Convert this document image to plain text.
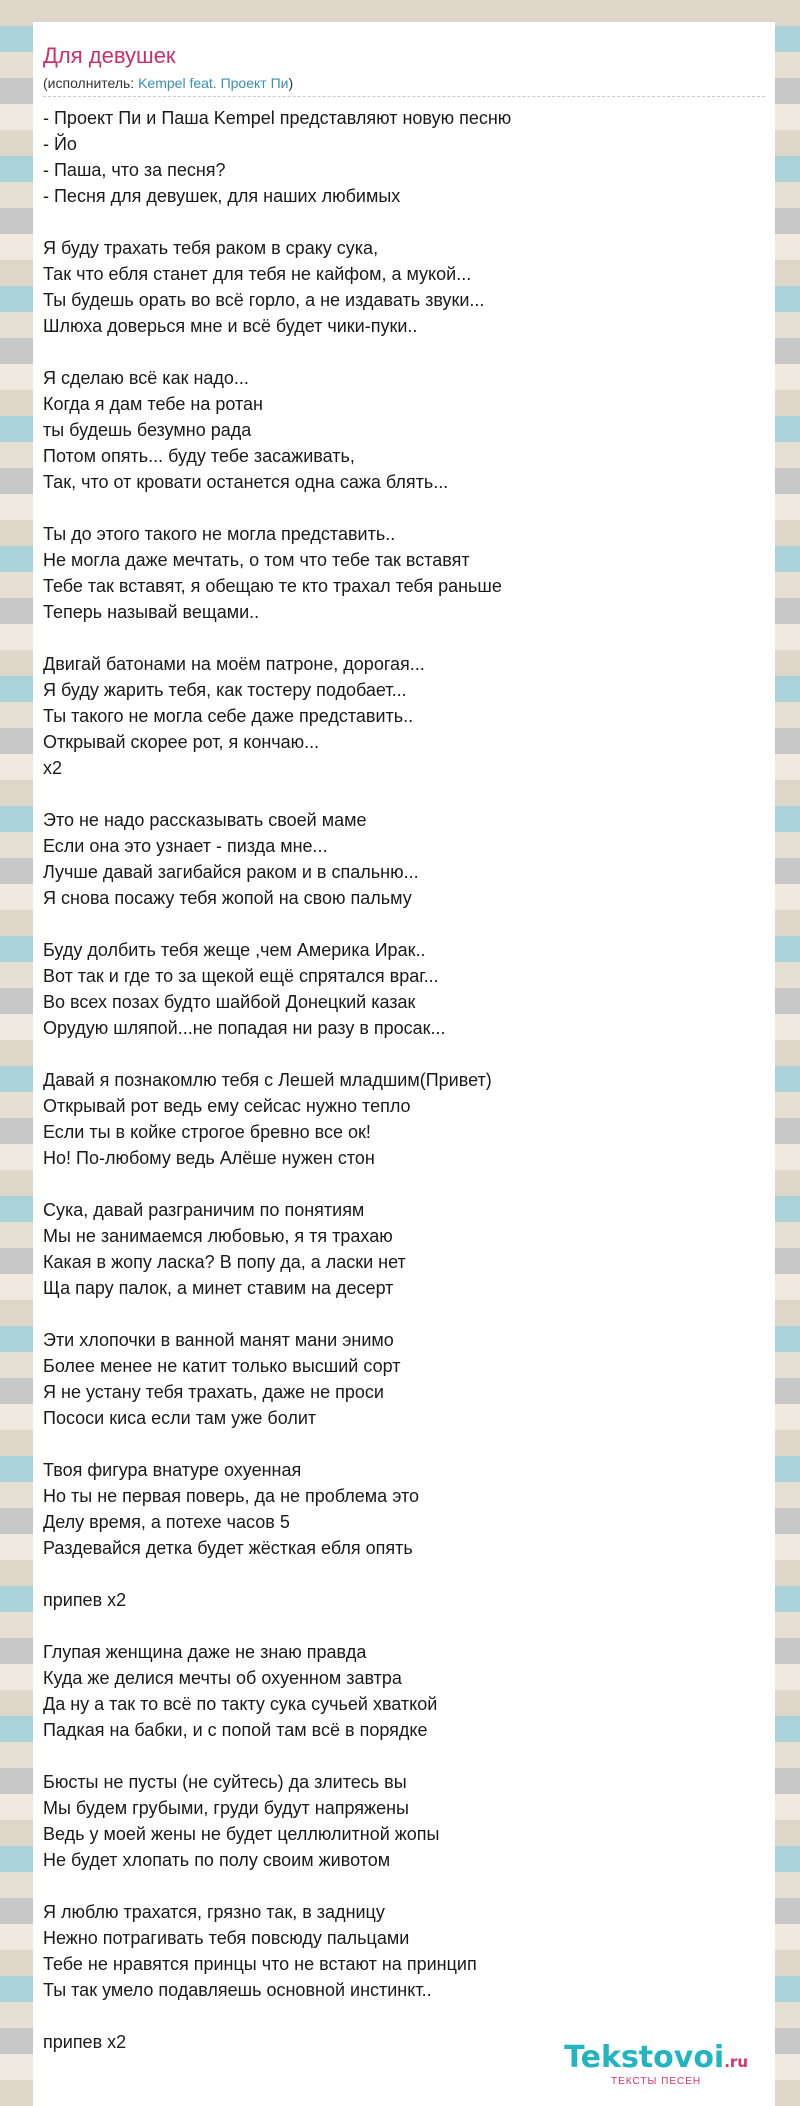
Для девушек
(исполнитель: Kempel feat. Проект Пи)
- Проект Пи и Паша Kempel представляют новую песню
- Йо
- Паша, что за песня?
- Песня для девушек, для наших любимых
Я буду трахать тебя раком в сраку сука,
Так что ебля станет для тебя не кайфом, а мукой...
Ты будешь орать во всё горло, а не издавать звуки...
Шлюха доверься мне и всё будет чики-пуки..
Я сделаю всё как надо...
Когда я дам тебе на ротан
ты будешь безумно рада
Потом опять... буду тебе засаживать,
Так, что от кровати останется одна сажа блять...
Ты до этого такого не могла представить..
Не могла даже мечтать, о том что тебе так вставят
Тебе так вставят, я обещаю те кто трахал тебя раньше
Теперь называй вещами..
Двигай батонами на моём патроне, дорогая...
Я буду жарить тебя, как тостеру подобает...
Ты такого не могла себе даже представить..
Открывай скорее рот, я кончаю...
x2
Это не надо рассказывать своей маме
Если она это узнает - пизда мне...
Лучше давай загибайся раком и в спальню...
Я снова посажу тебя жопой на свою пальму
Буду долбить тебя жеще ,чем Америка Ирак..
Вот так и где то за щекой ещё спрятался враг...
Во всех позах будто шайбой Донецкий казак
Орудую шляпой...не попадая ни разу в просак...
Давай я познакомлю тебя с Лешей младшим(Привет)
Открывай рот ведь ему сейсас нужно тепло
Если ты в койке строгое бревно все ок!
Но! По-любому ведь Алёше нужен стон
Сука, давай разграничим по понятиям
Мы не занимаемся любовью, я тя трахаю
Какая в жопу ласка? В попу да, а ласки нет
Ща пару палок, а минет ставим на десерт
Эти хлопочки в ванной манят мани энимо
Более менее не катит только высший сорт
Я не устану тебя трахать, даже не проси
Пососи киса если там уже болит
Твоя фигура внатуре охуенная
Но ты не первая поверь, да не проблема это
Делу время, а потехе часов 5
Раздевайся детка будет жёсткая ебля опять
припев x2
Глупая женщина даже не знаю правда
Куда же делися мечты об охуенном завтра
Да ну а так то всё по такту сука сучьей хваткой
Падкая на бабки, и с попой там всё в порядке
Бюсты не пусты (не суйтесь) да злитесь вы
Мы будем грубыми, груди будут напряжены
Ведь у моей жены не будет целлюлитной жопы
Не будет хлопать по полу своим животом
Я люблю трахатся, грязно так, в задницу
Нежно потрагивать тебя повсюду пальцами
Тебе не нравятся принцы что не встают на принцип
Ты так умело подавляешь основной инстинкт..
припев x2	Tekstovoi.ru
ТЕКСТЫ ПЕСЕН
